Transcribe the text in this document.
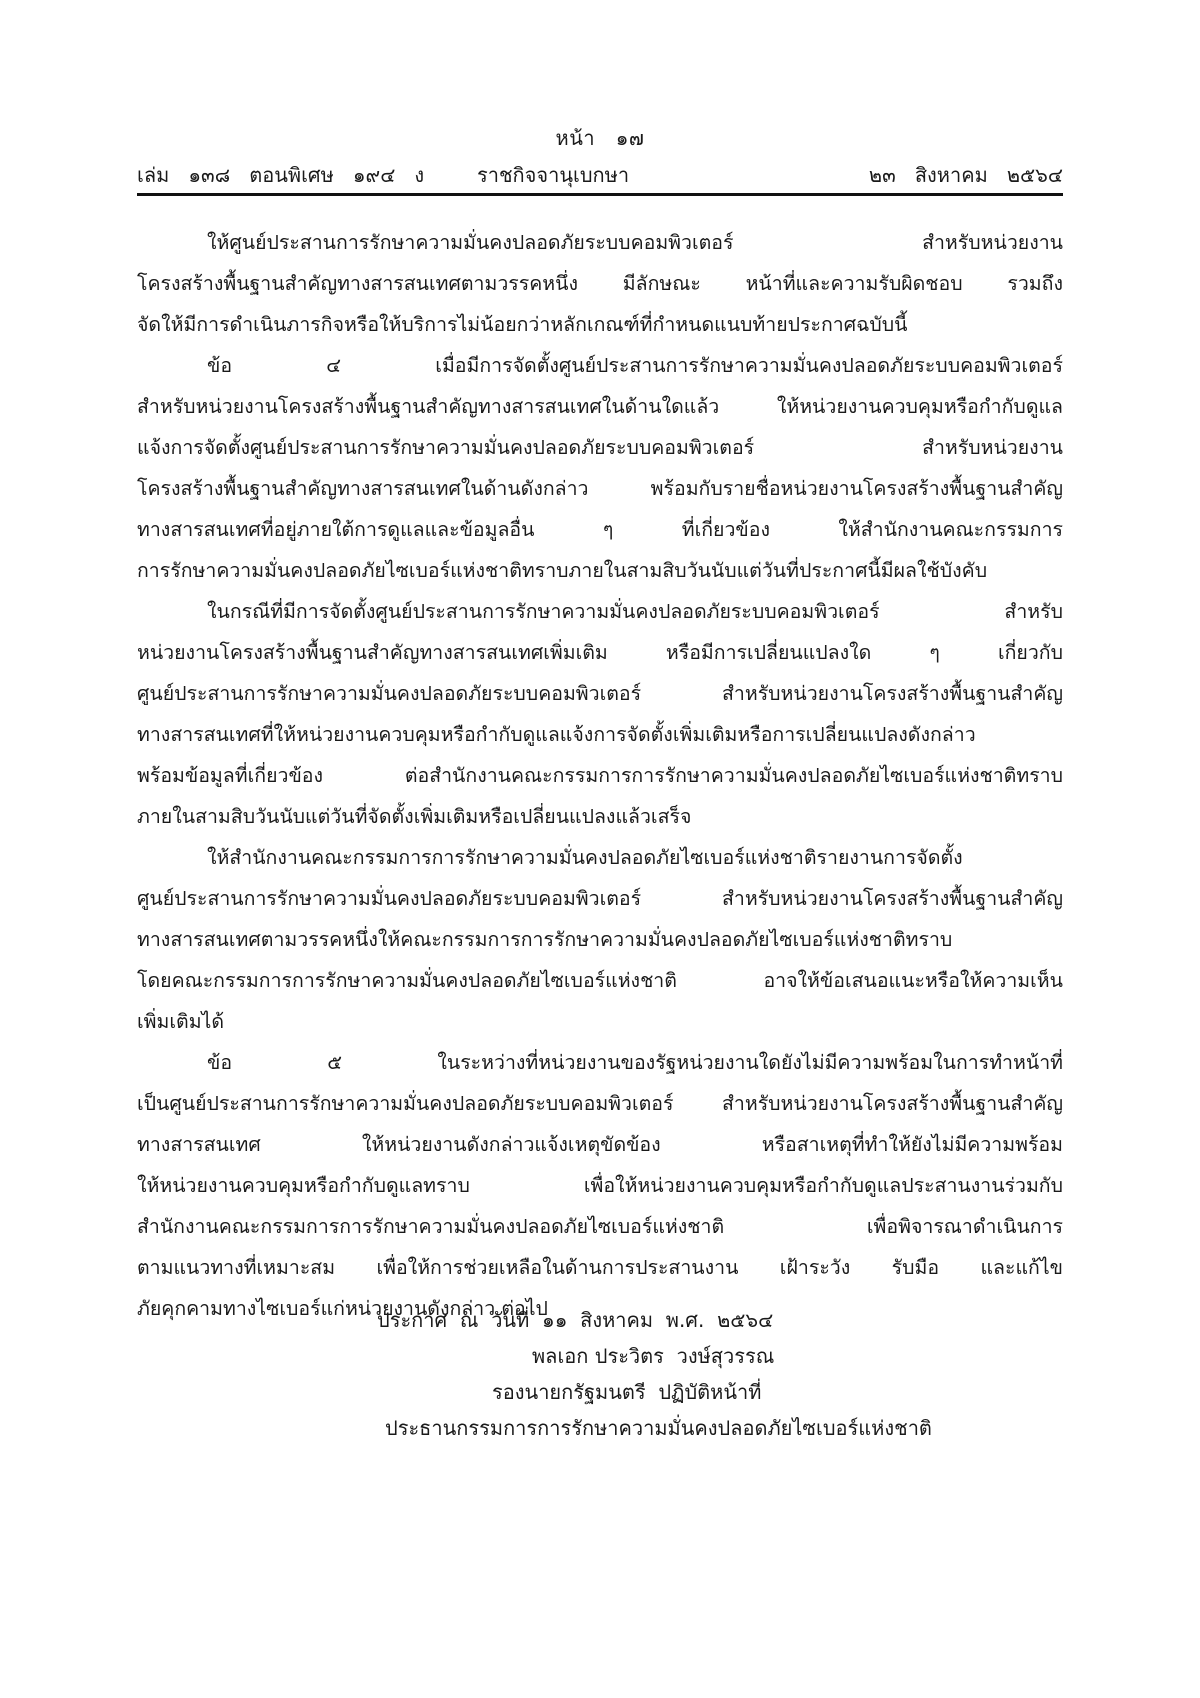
หน้า   ๑๗
เล่ม   ๑๓๘   ตอนพิเศษ   ๑๙๔   ง	ราชกิจจานุเบกษา	๒๓   สิงหาคม   ๒๕๖๔
ให้ศูนย์ประสานการรักษาความมั่นคงปลอดภัยระบบคอมพิวเตอร์ สำหรับหน่วยงาน
โครงสร้างพื้นฐานสำคัญทางสารสนเทศตามวรรคหนึ่ง มีลักษณะ หน้าที่และความรับผิดชอบ รวมถึง
จัดให้มีการดำเนินภารกิจหรือให้บริการไม่น้อยกว่าหลักเกณฑ์ที่กำหนดแนบท้ายประกาศฉบับนี้
ข้อ ๔ เมื่อมีการจัดตั้งศูนย์ประสานการรักษาความมั่นคงปลอดภัยระบบคอมพิวเตอร์
สำหรับหน่วยงานโครงสร้างพื้นฐานสำคัญทางสารสนเทศในด้านใดแล้ว ให้หน่วยงานควบคุมหรือกำกับดูแล
แจ้งการจัดตั้งศูนย์ประสานการรักษาความมั่นคงปลอดภัยระบบคอมพิวเตอร์ สำหรับหน่วยงาน
โครงสร้างพื้นฐานสำคัญทางสารสนเทศในด้านดังกล่าว พร้อมกับรายชื่อหน่วยงานโครงสร้างพื้นฐานสำคัญ
ทางสารสนเทศที่อยู่ภายใต้การดูแลและข้อมูลอื่น ๆ ที่เกี่ยวข้อง ให้สำนักงานคณะกรรมการ
การรักษาความมั่นคงปลอดภัยไซเบอร์แห่งชาติทราบภายในสามสิบวันนับแต่วันที่ประกาศนี้มีผลใช้บังคับ
ในกรณีที่มีการจัดตั้งศูนย์ประสานการรักษาความมั่นคงปลอดภัยระบบคอมพิวเตอร์ สำหรับ
หน่วยงานโครงสร้างพื้นฐานสำคัญทางสารสนเทศเพิ่มเติม หรือมีการเปลี่ยนแปลงใด ๆ เกี่ยวกับ
ศูนย์ประสานการรักษาความมั่นคงปลอดภัยระบบคอมพิวเตอร์ สำหรับหน่วยงานโครงสร้างพื้นฐานสำคัญ
ทางสารสนเทศที่ให้หน่วยงานควบคุมหรือกำกับดูแลแจ้งการจัดตั้งเพิ่มเติมหรือการเปลี่ยนแปลงดังกล่าว
พร้อมข้อมูลที่เกี่ยวข้อง ต่อสำนักงานคณะกรรมการการรักษาความมั่นคงปลอดภัยไซเบอร์แห่งชาติทราบ
ภายในสามสิบวันนับแต่วันที่จัดตั้งเพิ่มเติมหรือเปลี่ยนแปลงแล้วเสร็จ
ให้สำนักงานคณะกรรมการการรักษาความมั่นคงปลอดภัยไซเบอร์แห่งชาติรายงานการจัดตั้ง
ศูนย์ประสานการรักษาความมั่นคงปลอดภัยระบบคอมพิวเตอร์ สำหรับหน่วยงานโครงสร้างพื้นฐานสำคัญ
ทางสารสนเทศตามวรรคหนึ่งให้คณะกรรมการการรักษาความมั่นคงปลอดภัยไซเบอร์แห่งชาติทราบ
โดยคณะกรรมการการรักษาความมั่นคงปลอดภัยไซเบอร์แห่งชาติ อาจให้ข้อเสนอแนะหรือให้ความเห็น
เพิ่มเติมได้
ข้อ ๕ ในระหว่างที่หน่วยงานของรัฐหน่วยงานใดยังไม่มีความพร้อมในการทำหน้าที่
เป็นศูนย์ประสานการรักษาความมั่นคงปลอดภัยระบบคอมพิวเตอร์ สำหรับหน่วยงานโครงสร้างพื้นฐานสำคัญ
ทางสารสนเทศ ให้หน่วยงานดังกล่าวแจ้งเหตุขัดข้อง หรือสาเหตุที่ทำให้ยังไม่มีความพร้อม
ให้หน่วยงานควบคุมหรือกำกับดูแลทราบ เพื่อให้หน่วยงานควบคุมหรือกำกับดูแลประสานงานร่วมกับ
สำนักงานคณะกรรมการการรักษาความมั่นคงปลอดภัยไซเบอร์แห่งชาติ เพื่อพิจารณาดำเนินการ
ตามแนวทางที่เหมาะสม เพื่อให้การช่วยเหลือในด้านการประสานงาน เฝ้าระวัง รับมือ และแก้ไข
ภัยคุกคามทางไซเบอร์แก่หน่วยงานดังกล่าว ต่อไป
ประกาศ  ณ  วันที่  ๑๑  สิงหาคม  พ.ศ.  ๒๕๖๔
พลเอก ประวิตร  วงษ์สุวรรณ
รองนายกรัฐมนตรี  ปฏิบัติหน้าที่
ประธานกรรมการการรักษาความมั่นคงปลอดภัยไซเบอร์แห่งชาติ
